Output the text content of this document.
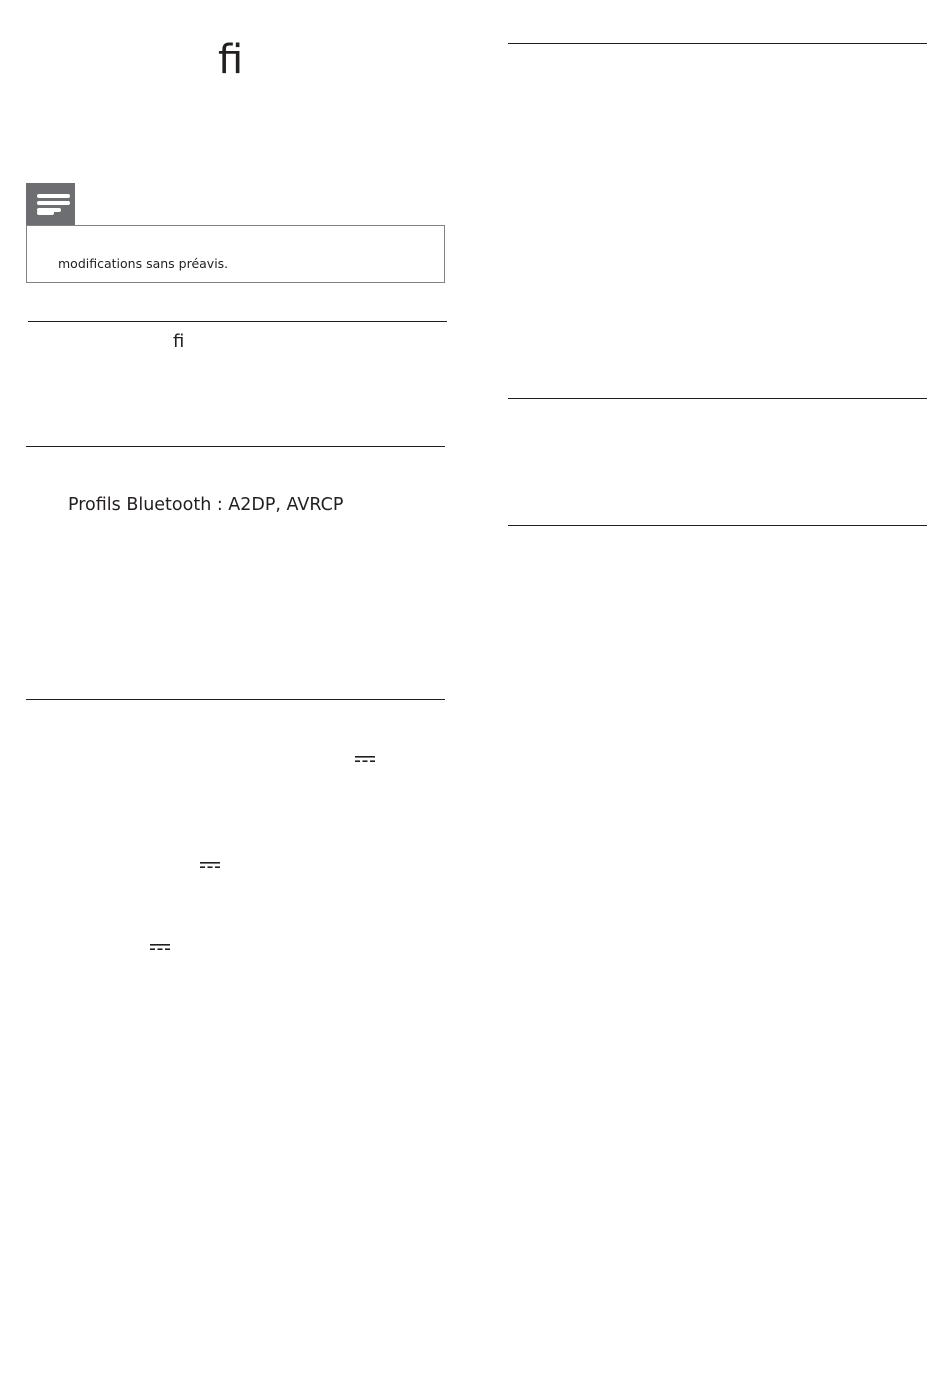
ﬁ
modifications sans préavis.
ﬁ
Profils Bluetooth : A2DP, AVRCP
